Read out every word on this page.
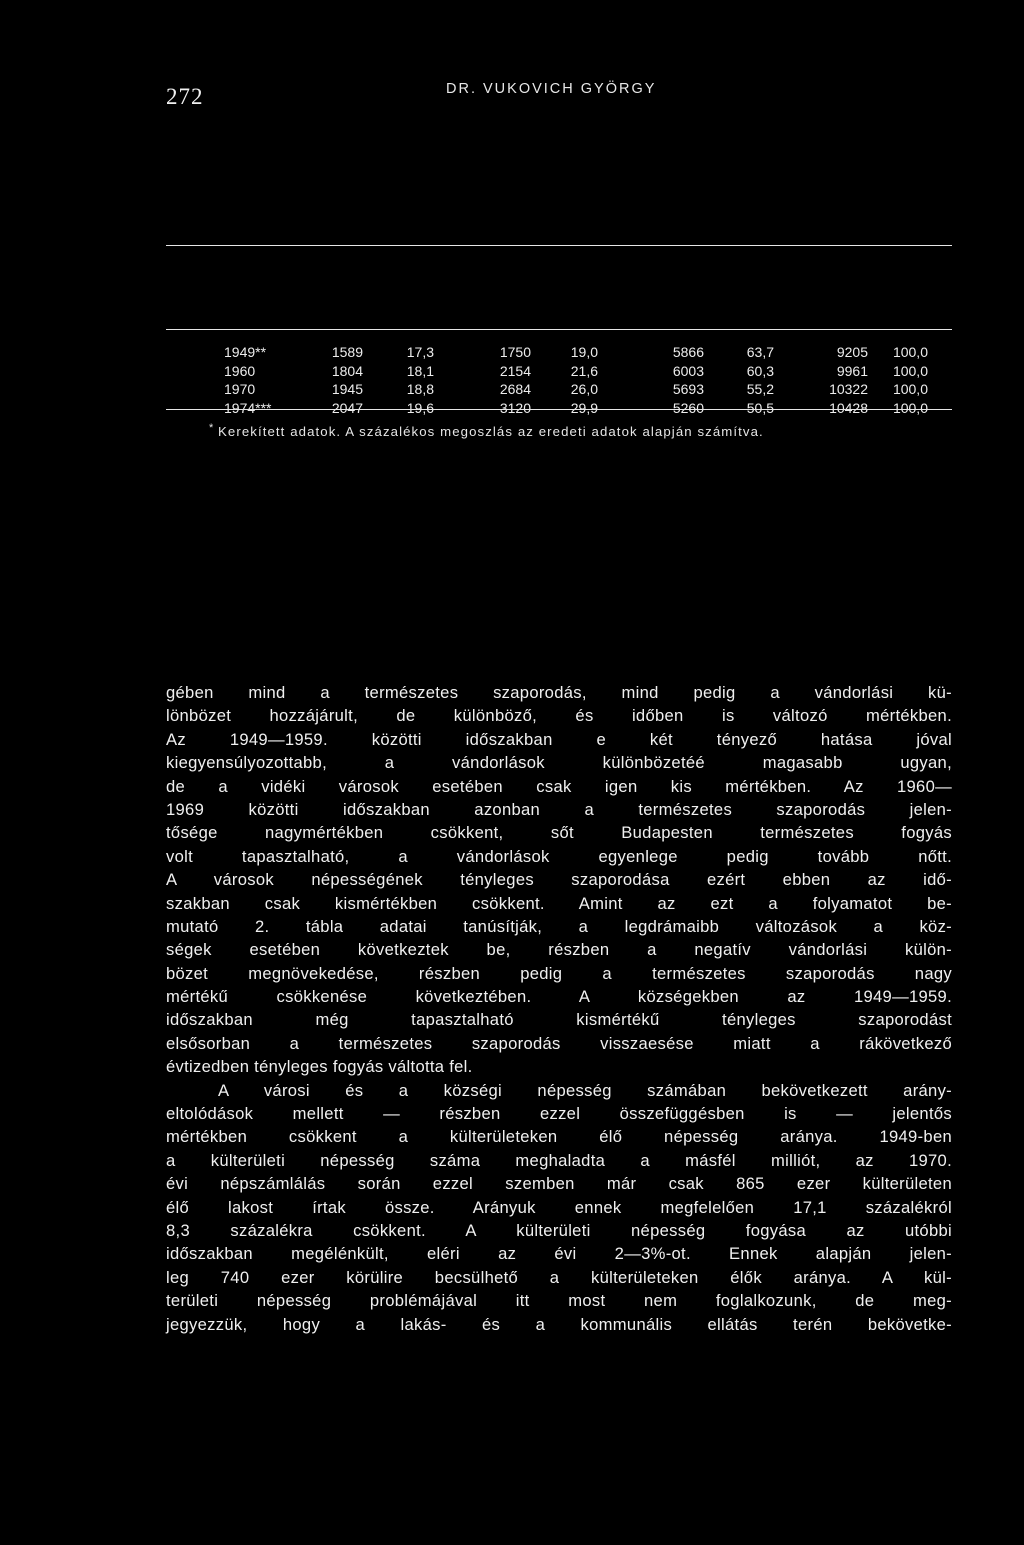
272	DR. VUKOVICH GYÖRGY
1949**	1589	17,3	1750	19,0	5866	63,7	9205 100,0
1960	1804	18,1	2154	21,6	6003	60,3	9961 100,0
1970	1945	18,8	2684	26,0	5693	55,2	10322 100,0
1974***	2047	19,6	3120	29,9	5260	50,5	10428 100,0
* Kerekített adatok. A százalékos megoszlás az eredeti adatok alapján számítva.
gében mind a természetes szaporodás, mind pedig a vándorlási kü-
lönbözet hozzájárult, de különböző, és időben is változó mértékben.
Az 1949—1959. közötti időszakban e két tényező hatása jóval
kiegyensúlyozottabb, a vándorlások különbözetéé magasabb ugyan,
de a vidéki városok esetében csak igen kis mértékben. Az 1960—
1969 közötti időszakban azonban a természetes szaporodás jelen-
tősége nagymértékben csökkent, sőt Budapesten természetes fogyás
volt tapasztalható, a vándorlások egyenlege pedig tovább nőtt.
A városok népességének tényleges szaporodása ezért ebben az idő-
szakban csak kismértékben csökkent. Amint az ezt a folyamatot be-
mutató 2. tábla adatai tanúsítják, a legdrámaibb változások a köz-
ségek esetében következtek be, részben a negatív vándorlási külön-
bözet megnövekedése, részben pedig a természetes szaporodás nagy
mértékű csökkenése következtében. A községekben az 1949—1959.
időszakban még tapasztalható kismértékű tényleges szaporodást
elsősorban a természetes szaporodás visszaesése miatt a rákövetkező
évtizedben tényleges fogyás váltotta fel.
A városi és a községi népesség számában bekövetkezett arány-
eltolódások mellett — részben ezzel összefüggésben is — jelentős
mértékben csökkent a külterületeken élő népesség aránya. 1949-ben
a külterületi népesség száma meghaladta a másfél milliót, az 1970.
évi népszámlálás során ezzel szemben már csak 865 ezer külterületen
élő lakost írtak össze. Arányuk ennek megfelelően 17,1 százalékról
8,3 százalékra csökkent. A külterületi népesség fogyása az utóbbi
időszakban megélénkült, eléri az évi 2—3%-ot. Ennek alapján jelen-
leg 740 ezer körülire becsülhető a külterületeken élők aránya. A kül-
területi népesség problémájával itt most nem foglalkozunk, de meg-
jegyezzük, hogy a lakás- és a kommunális ellátás terén bekövetke-
